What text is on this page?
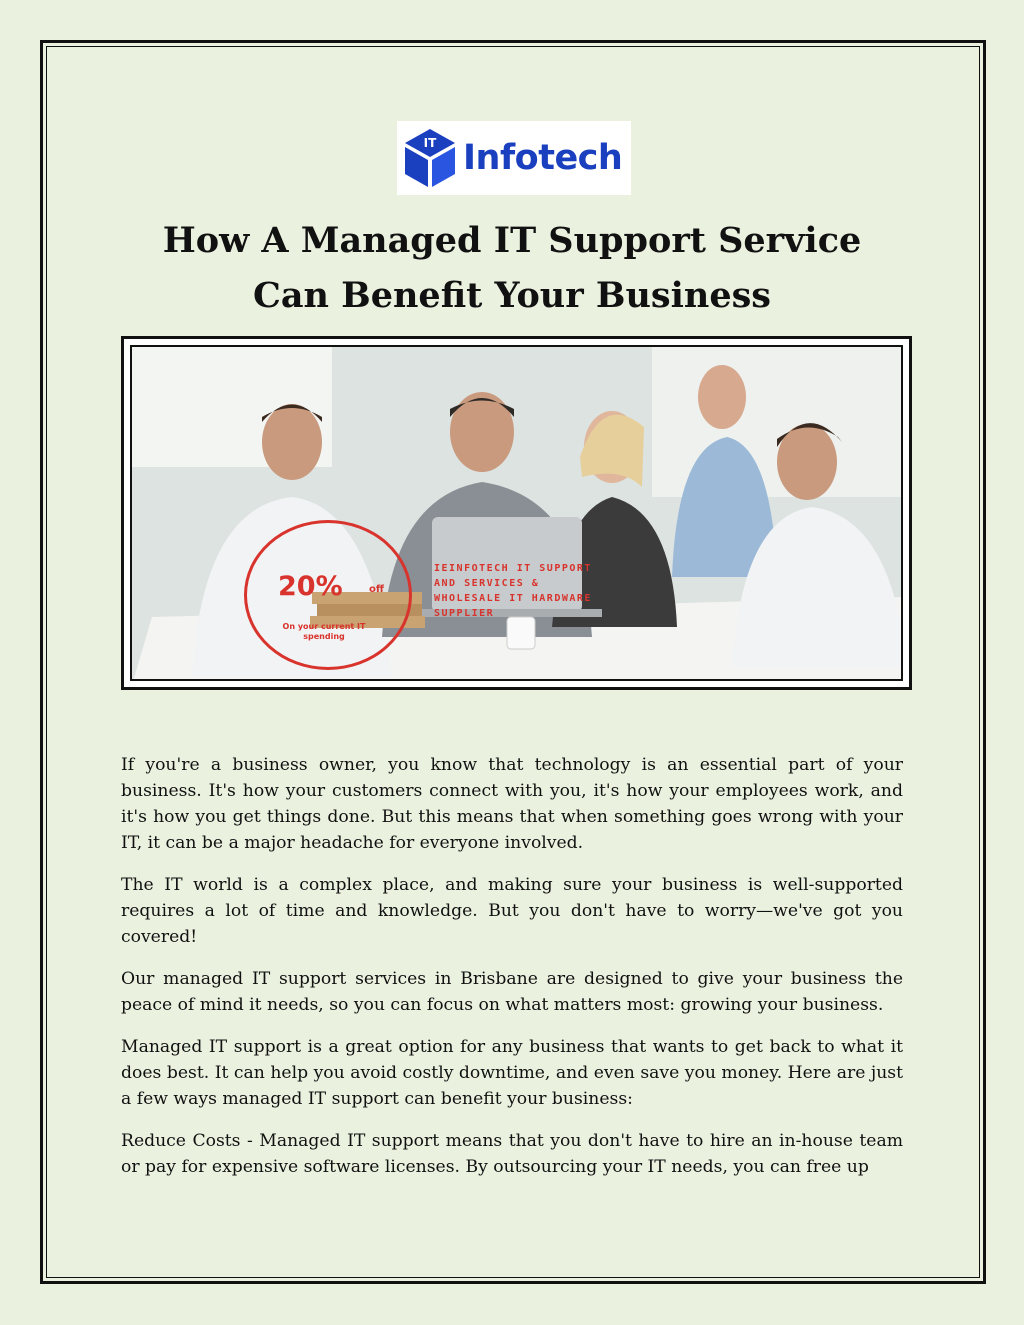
IT Infotech
How A Managed IT Support Service
Can Benefit Your Business
20%	off
On your current IT spending
IEINFOTECH IT SUPPORT
AND SERVICES &
WHOLESALE IT HARDWARE
SUPPLIER

If you're a business owner, you know that technology is an essential part of your business. It's how your customers connect with you, it's how your employees work, and it's how you get things done. But this means that when something goes wrong with your IT, it can be a major headache for everyone involved.

The IT world is a complex place, and making sure your business is well-supported requires a lot of time and knowledge. But you don't have to worry—we've got you covered!

Our managed IT support services in Brisbane are designed to give your business the peace of mind it needs, so you can focus on what matters most: growing your business.

Managed IT support is a great option for any business that wants to get back to what it does best. It can help you avoid costly downtime, and even save you money. Here are just a few ways managed IT support can benefit your business:

Reduce Costs - Managed IT support means that you don't have to hire an in-house team or pay for expensive software licenses. By outsourcing your IT needs, you can free up
